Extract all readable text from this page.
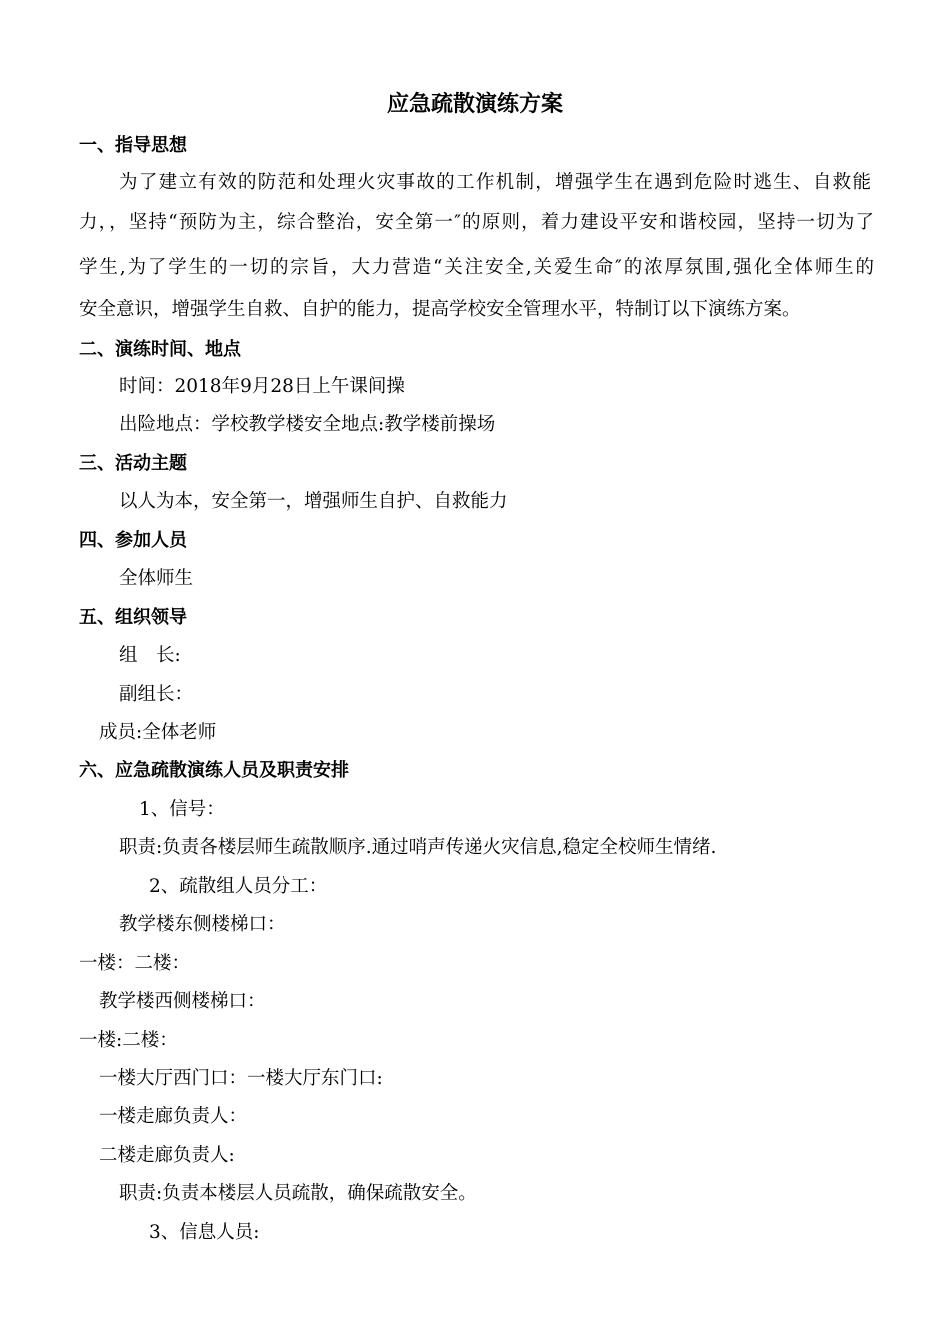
应急疏散演练方案
一、指导思想
为了建立有效的防范和处理火灾事故的工作机制，增强学生在遇到危险时逃生、自救能
力，，坚持“预防为主，综合整治，安全第一″的原则，着力建设平安和谐校园，坚持一切为了
学生,为了学生的一切的宗旨，大力营造“关注安全,关爱生命″的浓厚氛围,强化全体师生的
安全意识，增强学生自救、自护的能力，提高学校安全管理水平，特制订以下演练方案。
二、演练时间、地点
时间：2018年9月28日上午课间操
出险地点：学校教学楼安全地点:教学楼前操场
三、活动主题
以人为本，安全第一，增强师生自护、自救能力
四、参加人员
全体师生
五、组织领导
组　长:
副组长：
成员:全体老师
六、应急疏散演练人员及职责安排
1、信号：
职责:负责各楼层师生疏散顺序.通过哨声传递火灾信息,稳定全校师生情绪.
2、疏散组人员分工：
教学楼东侧楼梯口：
一楼：二楼：
教学楼西侧楼梯口：
一楼:二楼：
一楼大厅西门口：一楼大厅东门口:
一楼走廊负责人：
二楼走廊负责人:
职责:负责本楼层人员疏散，确保疏散安全。
3、信息人员:
